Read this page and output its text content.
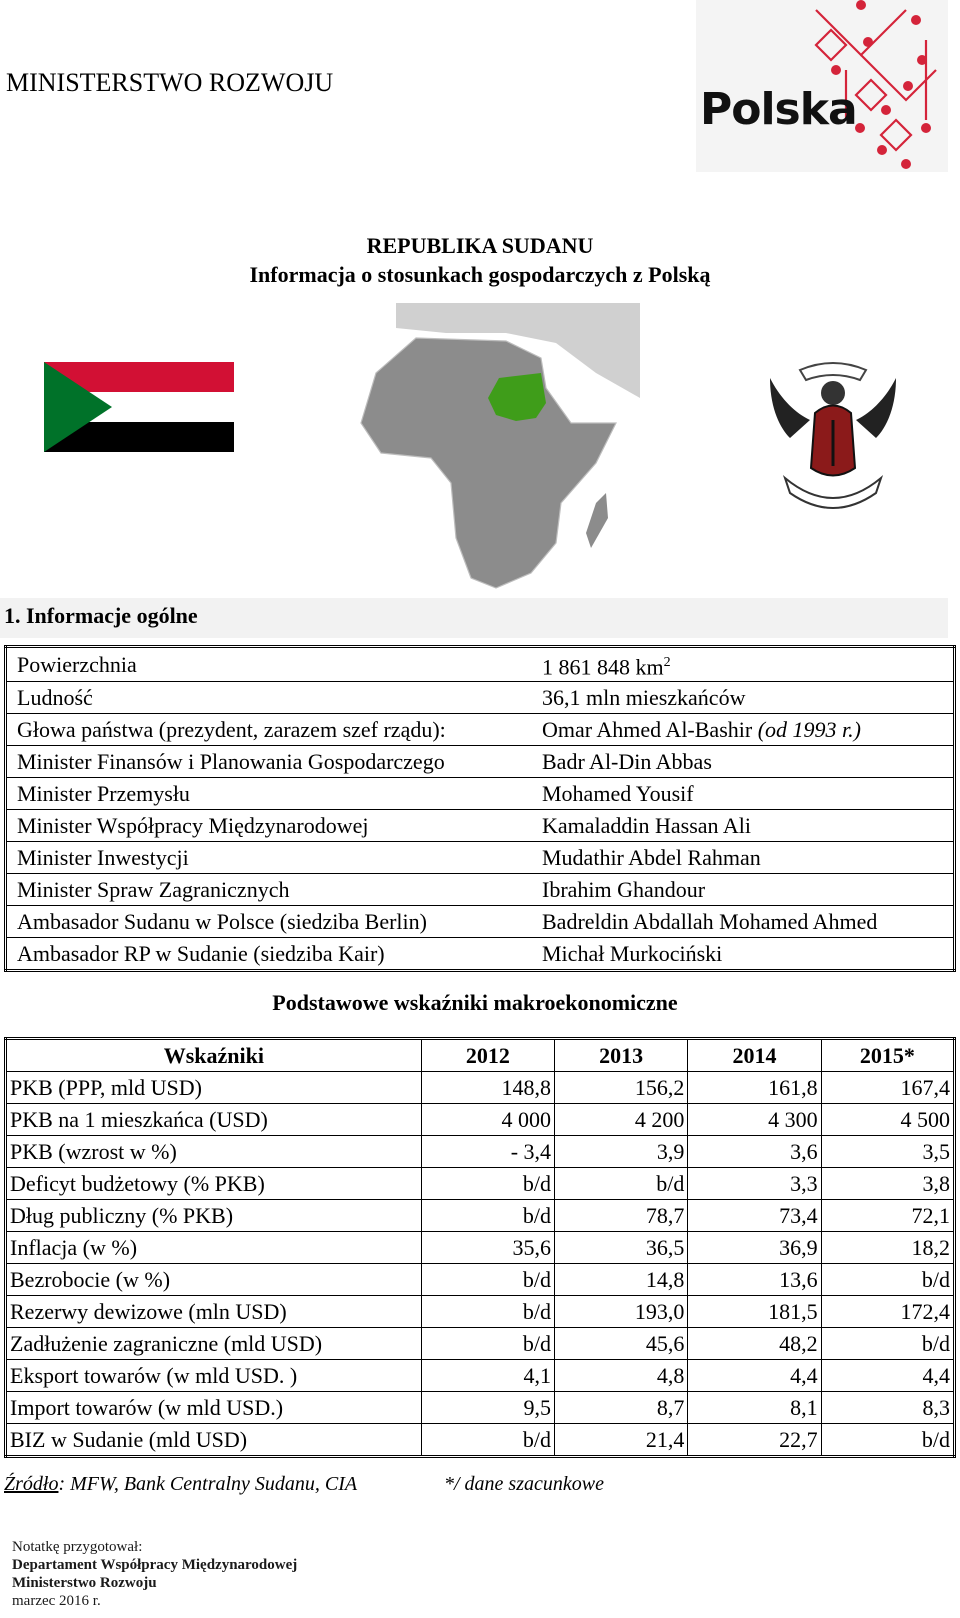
MINISTERSTWO ROZWOJU
Polska
REPUBLIKA SUDANU
Informacja o stosunkach gospodarczych z Polską
1. Informacje ogólne
Powierzchnia	1 861 848 $km^2$
Ludność	36,1 mln mieszkańców
Głowa państwa (prezydent, zarazem szef rządu):	Omar Ahmed Al-Bashir (od 1993 r.)
Minister Finansów i Planowania Gospodarczego	Badr Al-Din Abbas
Minister Przemysłu	Mohamed Yousif
Minister Współpracy Międzynarodowej	Kamaladdin Hassan Ali
Minister Inwestycji	Mudathir Abdel Rahman
Minister Spraw Zagranicznych	Ibrahim Ghandour
Ambasador Sudanu w Polsce (siedziba Berlin)	Badreldin Abdallah Mohamed Ahmed
Ambasador RP w Sudanie (siedziba Kair)	Michał Murkociński
Podstawowe wskaźniki makroekonomiczne
Wskaźniki	2012	2013	2014	2015*
PKB (PPP, mld USD)	148,8	156,2	161,8	167,4
PKB na 1 mieszkańca (USD)	4 000	4 200	4 300	4 500
PKB (wzrost w %)	- 3,4	3,9	3,6	3,5
Deficyt budżetowy (% PKB)	b/d	b/d	3,3	3,8
Dług publiczny (% PKB)	b/d	78,7	73,4	72,1
Inflacja (w %)	35,6	36,5	36,9	18,2
Bezrobocie (w %)	b/d	14,8	13,6	b/d
Rezerwy dewizowe (mln USD)	b/d	193,0	181,5	172,4
Zadłużenie zagraniczne (mld USD)	b/d	45,6	48,2	b/d
Eksport towarów (w mld USD. )	4,1	4,8	4,4	4,4
Import towarów (w mld USD.)	9,5	8,7	8,1	8,3
BIZ w Sudanie (mld USD)	b/d	21,4	22,7	b/d
Źródło: MFW, Bank Centralny Sudanu, CIA	*/ dane szacunkowe
Notatkę przygotował:
Departament Współpracy Międzynarodowej
Ministerstwo Rozwoju
marzec 2016 r.
